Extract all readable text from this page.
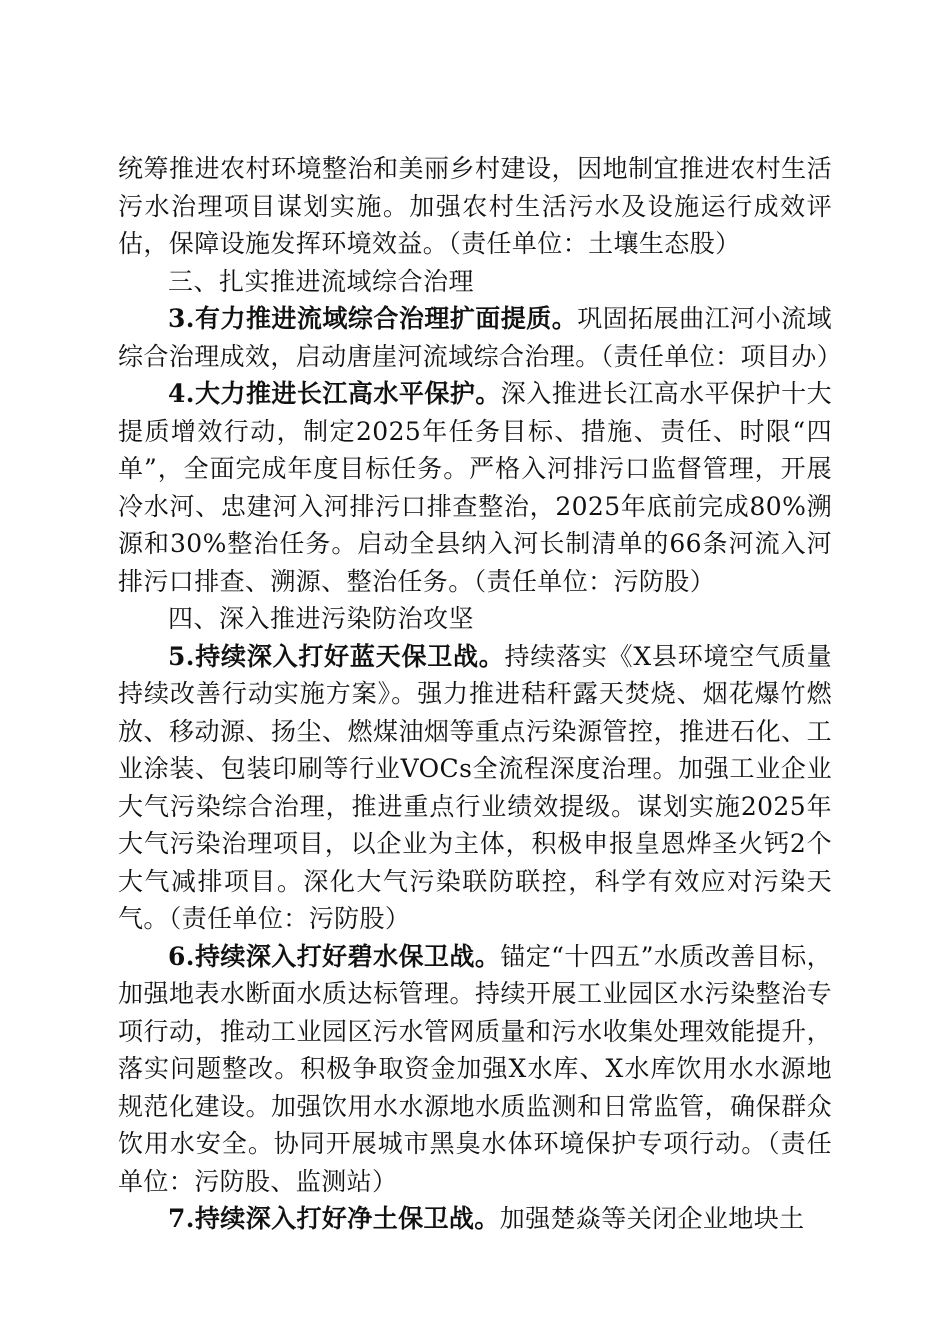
统筹推进农村环境整治和美丽乡村建设，因地制宜推进农村生活污水治理项目谋划实施。加强农村生活污水及设施运行成效评估，保障设施发挥环境效益。（责任单位：土壤生态股）

三、扎实推进流域综合治理

3.有力推进流域综合治理扩面提质。巩固拓展曲江河小流域综合治理成效，启动唐崖河流域综合治理。（责任单位：项目办）

4.大力推进长江高水平保护。深入推进长江高水平保护十大提质增效行动，制定2025年任务目标、措施、责任、时限“四单”，全面完成年度目标任务。严格入河排污口监督管理，开展冷水河、忠建河入河排污口排查整治，2025年底前完成80%溯源和30%整治任务。启动全县纳入河长制清单的66条河流入河排污口排查、溯源、整治任务。（责任单位：污防股）

四、深入推进污染防治攻坚

5.持续深入打好蓝天保卫战。持续落实《X县环境空气质量持续改善行动实施方案》。强力推进秸秆露天焚烧、烟花爆竹燃放、移动源、扬尘、燃煤油烟等重点污染源管控，推进石化、工业涂装、包装印刷等行业VOCs全流程深度治理。加强工业企业大气污染综合治理，推进重点行业绩效提级。谋划实施2025年大气污染治理项目，以企业为主体，积极申报皇恩烨圣火钙2个大气减排项目。深化大气污染联防联控，科学有效应对污染天气。（责任单位：污防股）

6.持续深入打好碧水保卫战。锚定“十四五”水质改善目标，加强地表水断面水质达标管理。持续开展工业园区水污染整治专项行动，推动工业园区污水管网质量和污水收集处理效能提升，落实问题整改。积极争取资金加强X水库、X水库饮用水水源地规范化建设。加强饮用水水源地水质监测和日常监管，确保群众饮用水安全。协同开展城市黑臭水体环境保护专项行动。（责任单位：污防股、监测站）

7.持续深入打好净土保卫战。加强楚焱等关闭企业地块土
